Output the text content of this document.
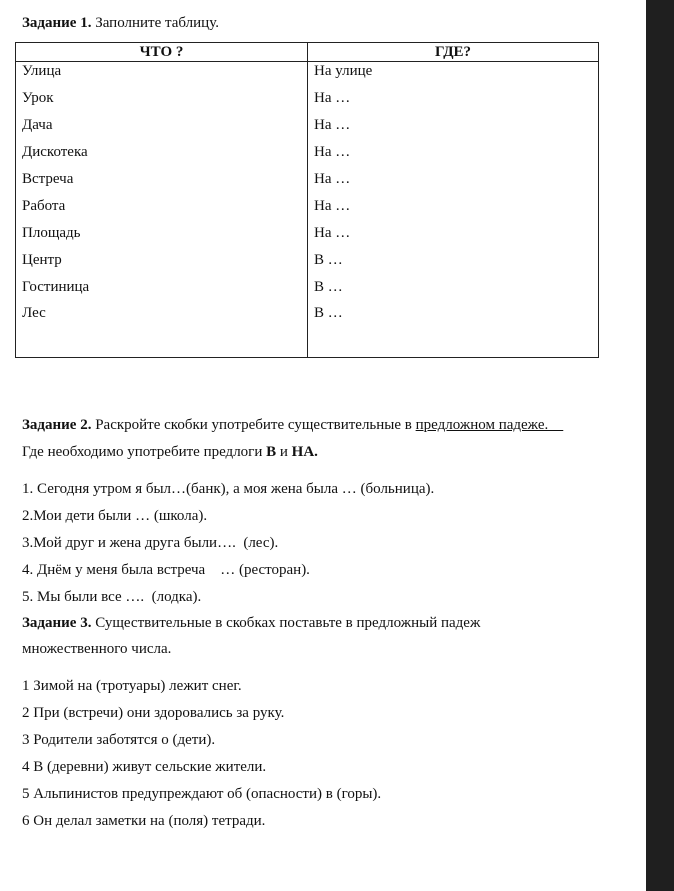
Задание 1. Заполните таблицу.
ЧТО ?	ГДЕ?
Улица	На улице
Урок	На …
Дача	На …
Дискотека	На …
Встреча	На …
Работа	На …
Площадь	На …
Центр	В …
Гостиница	В …
Лес	В …
Задание 2. Раскройте скобки употребите существительные в предложном падеже.
Где необходимо употребите предлоги В и НА.
1. Сегодня утром я был…(банк), а моя жена была … (больница).
2.Мои дети были … (школа).
3.Мой друг и жена друга были….  (лес).
4. Днём у меня была встреча    … (ресторан).
5. Мы были все ….  (лодка).
Задание 3. Существительные в скобках поставьте в предложный падеж
множественного числа.
1 Зимой на (тротуары) лежит снег.
2 При (встречи) они здоровались за руку.
3 Родители заботятся о (дети).
4 В (деревни) живут сельские жители.
5 Альпинистов предупреждают об (опасности) в (горы).
6 Он делал заметки на (поля) тетради.
